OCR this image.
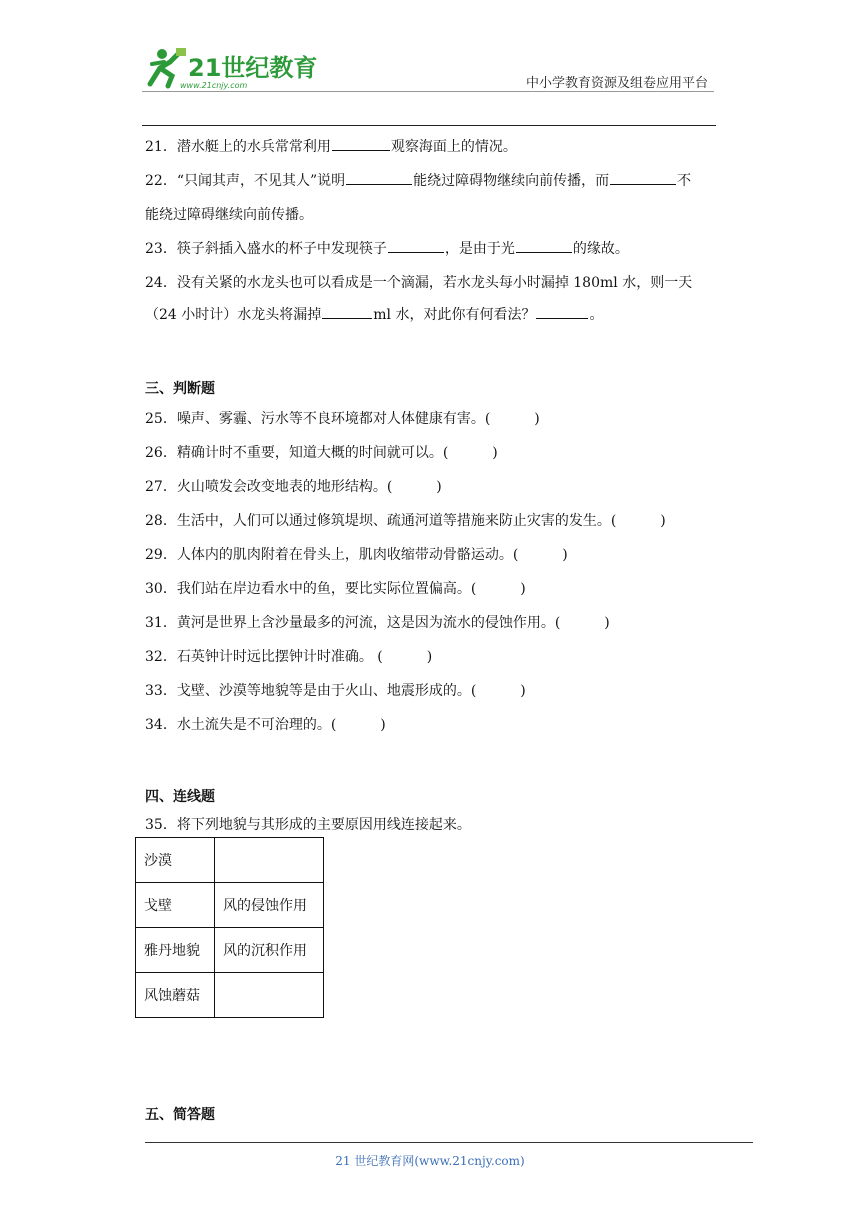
21世纪教育
www.21cnjy.com	中小学教育资源及组卷应用平台
21．潜水艇上的水兵常常利用	观察海面上的情况。
22．“只闻其声，不见其人”说明	能绕过障碍物继续向前传播，而	不
能绕过障碍继续向前传播。
23．筷子斜插入盛水的杯子中发现筷子	，是由于光	的缘故。
24．没有关紧的水龙头也可以看成是一个滴漏，若水龙头每小时漏掉 180ml 水，则一天
（24 小时计）水龙头将漏掉	ml 水，对此你有何看法？	。
三、判断题
25．噪声、雾霾、污水等不良环境都对人体健康有害。(	)
26．精确计时不重要，知道大概的时间就可以。(	)
27．火山喷发会改变地表的地形结构。(	)
28．生活中，人们可以通过修筑堤坝、疏通河道等措施来防止灾害的发生。(	)
29．人体内的肌肉附着在骨头上，肌肉收缩带动骨骼运动。(	)
30．我们站在岸边看水中的鱼，要比实际位置偏高。(	)
31．黄河是世界上含沙量最多的河流，这是因为流水的侵蚀作用。(	)
32．石英钟计时远比摆钟计时准确。 (	)
33．戈壁、沙漠等地貌等是由于火山、地震形成的。(	)
34．水土流失是不可治理的。(	)
四、连线题
35．将下列地貌与其形成的主要原因用线连接起来。
沙漠	
戈壁	风的侵蚀作用
雅丹地貌	风的沉积作用
风蚀蘑菇	
五、简答题
21 世纪教育网(www.21cnjy.com)
